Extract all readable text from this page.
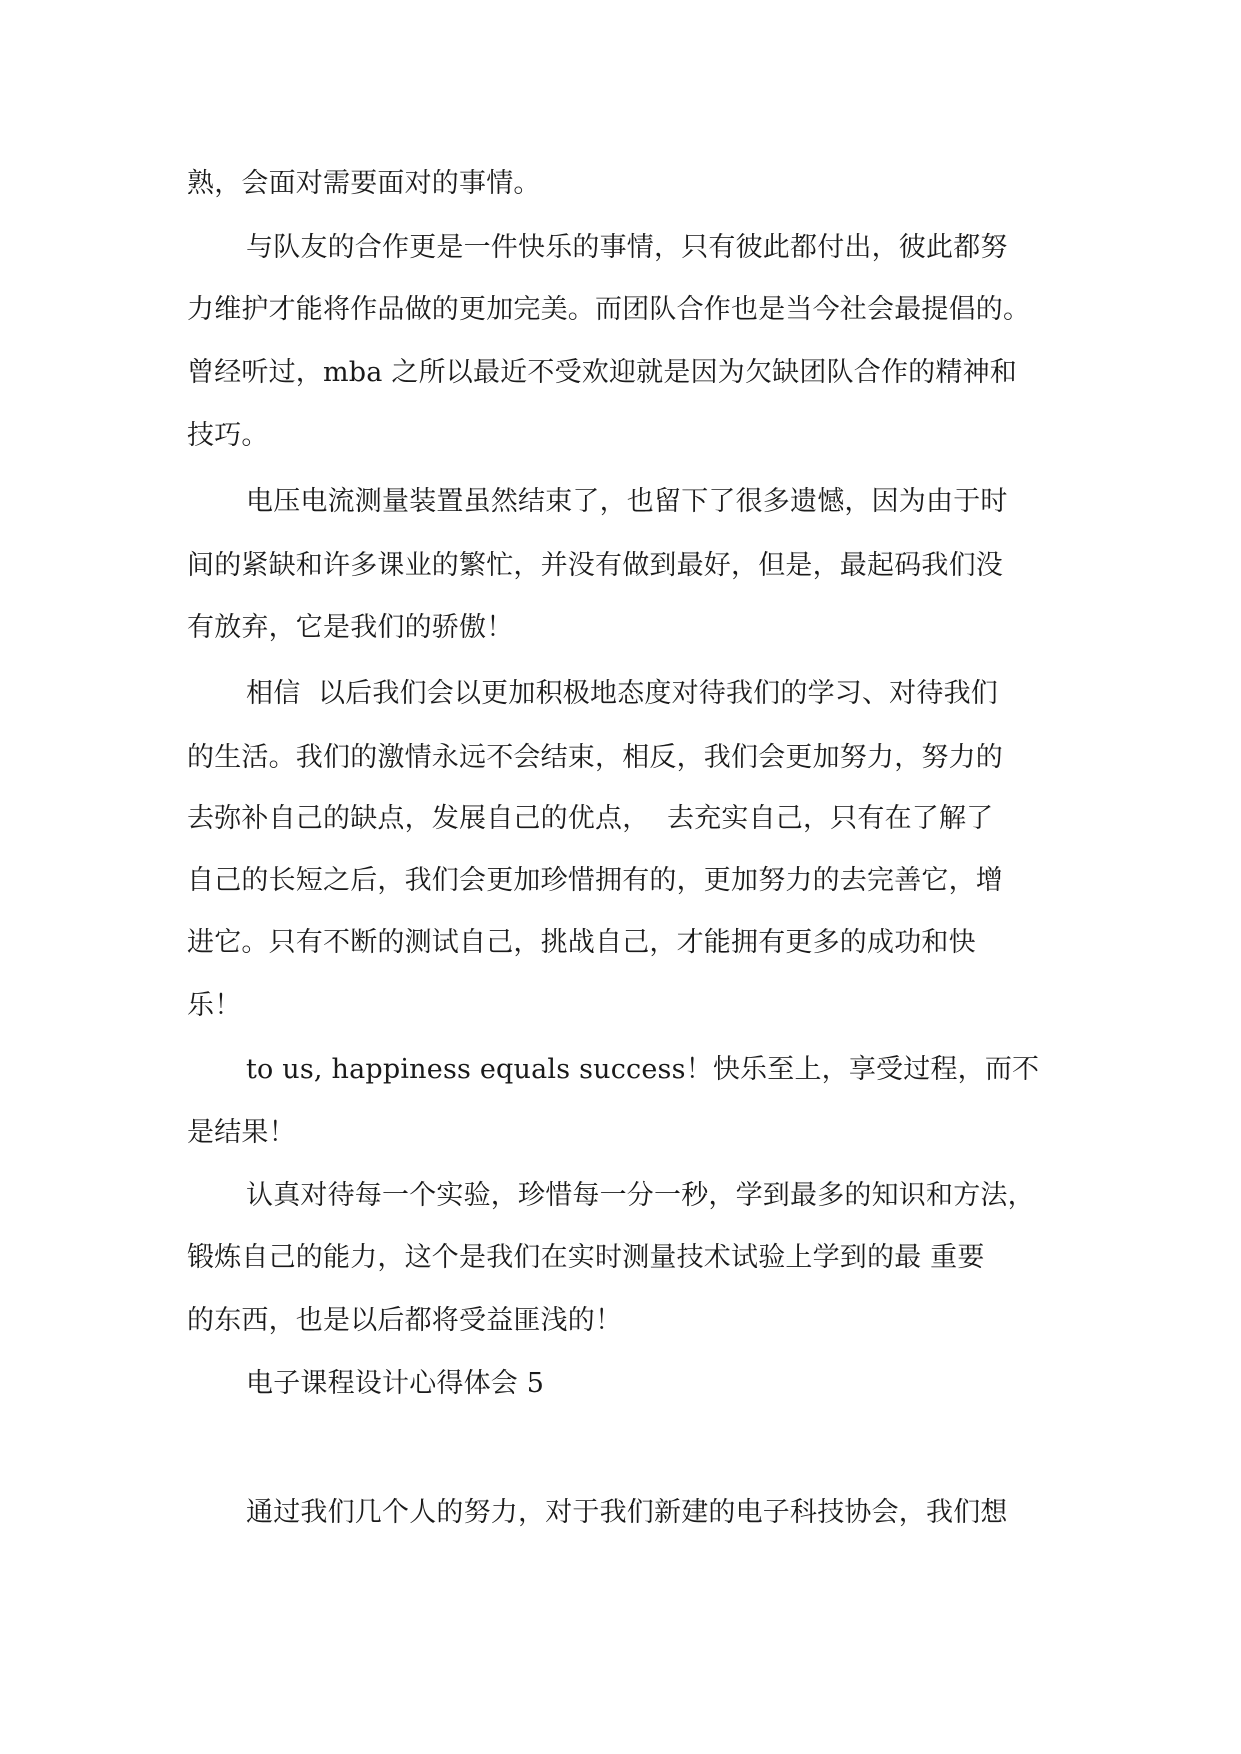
熟，会面对需要面对的事情。
与队友的合作更是一件快乐的事情，只有彼此都付出，彼此都努
力维护才能将作品做的更加完美。而团队合作也是当今社会最提倡的。
曾经听过，mba 之所以最近不受欢迎就是因为欠缺团队合作的精神和
技巧。
电压电流测量装置虽然结束了，也留下了很多遗憾，因为由于时
间的紧缺和许多课业的繁忙，并没有做到最好，但是，最起码我们没
有放弃，它是我们的骄傲！
相信  以后我们会以更加积极地态度对待我们的学习、对待我们
的生活。我们的激情永远不会结束，相反，我们会更加努力，努力的
去弥补自己的缺点，发展自己的优点，  去充实自己，只有在了解了
自己的长短之后，我们会更加珍惜拥有的，更加努力的去完善它，增
进它。只有不断的测试自己，挑战自己，才能拥有更多的成功和快
乐！
to us, happiness equals success！快乐至上，享受过程，而不
是结果！
认真对待每一个实验，珍惜每一分一秒，学到最多的知识和方法，
锻炼自己的能力，这个是我们在实时测量技术试验上学到的最 重要
的东西，也是以后都将受益匪浅的！
电子课程设计心得体会 5
通过我们几个人的努力，对于我们新建的电子科技协会，我们想
